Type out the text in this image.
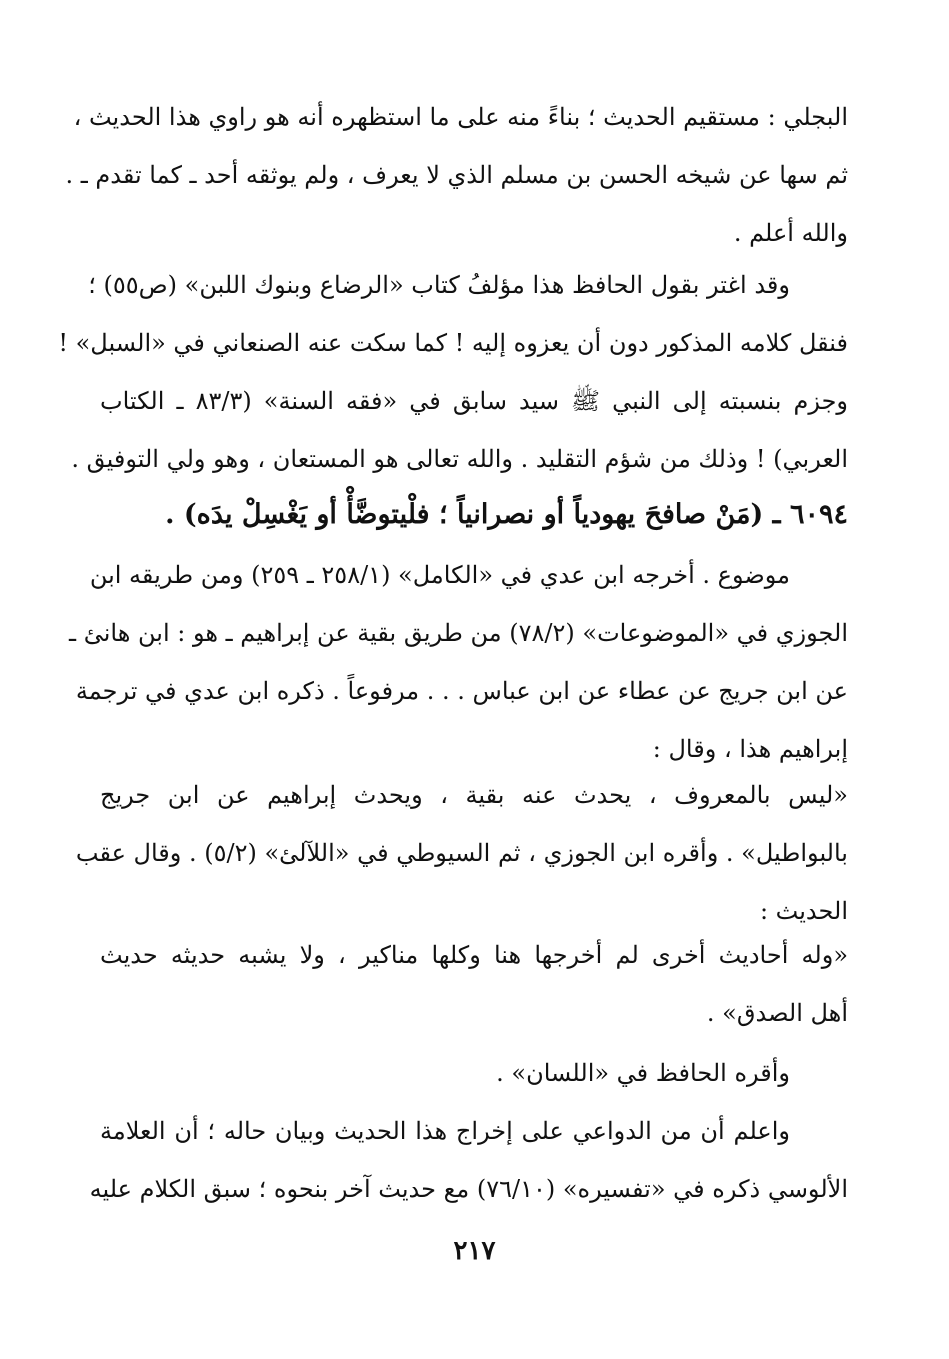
البجلي : مستقيم الحديث ؛ بناءً منه على ما استظهره أنه هو راوي هذا الحديث ،
ثم سها عن شيخه الحسن بن مسلم الذي لا يعرف ، ولم يوثقه أحد ـ كما تقدم ـ .
والله أعلم .
وقد اغتر بقول الحافظ هذا مؤلفُ كتاب «الرضاع وبنوك اللبن» (ص٥٥) ؛
فنقل كلامه المذكور دون أن يعزوه إليه ! كما سكت عنه الصنعاني في «السبل» !
وجزم بنسبته إلى النبي ﷺ سيد سابق في «فقه السنة» (٨٣/٣ ـ الكتاب
العربي) ! وذلك من شؤم التقليد . والله تعالى هو المستعان ، وهو ولي التوفيق .
٦٠٩٤ ـ (مَنْ صافحَ يهودياً أو نصرانياً ؛ فلْيتوضَّأْ أو يَغْسِلْ يدَه) .
موضوع . أخرجه ابن عدي في «الكامل» (٢٥٨/١ ـ ٢٥٩) ومن طريقه ابن
الجوزي في «الموضوعات» (٧٨/٢) من طريق بقية عن إبراهيم ـ هو : ابن هانئ ـ
عن ابن جريج عن عطاء عن ابن عباس . . . مرفوعاً . ذكره ابن عدي في ترجمة
إبراهيم هذا ، وقال :
«ليس بالمعروف ، يحدث عنه بقية ، ويحدث إبراهيم عن ابن جريج
بالبواطيل» . وأقره ابن الجوزي ، ثم السيوطي في «اللآلئ» (٥/٢) . وقال عقب
الحديث :
«وله أحاديث أخرى لم أخرجها هنا وكلها مناكير ، ولا يشبه حديثه حديث
أهل الصدق» .
وأقره الحافظ في «اللسان» .
واعلم أن من الدواعي على إخراج هذا الحديث وبيان حاله ؛ أن العلامة
الألوسي ذكره في «تفسيره» (٧٦/١٠) مع حديث آخر بنحوه ؛ سبق الكلام عليه
٢١٧
